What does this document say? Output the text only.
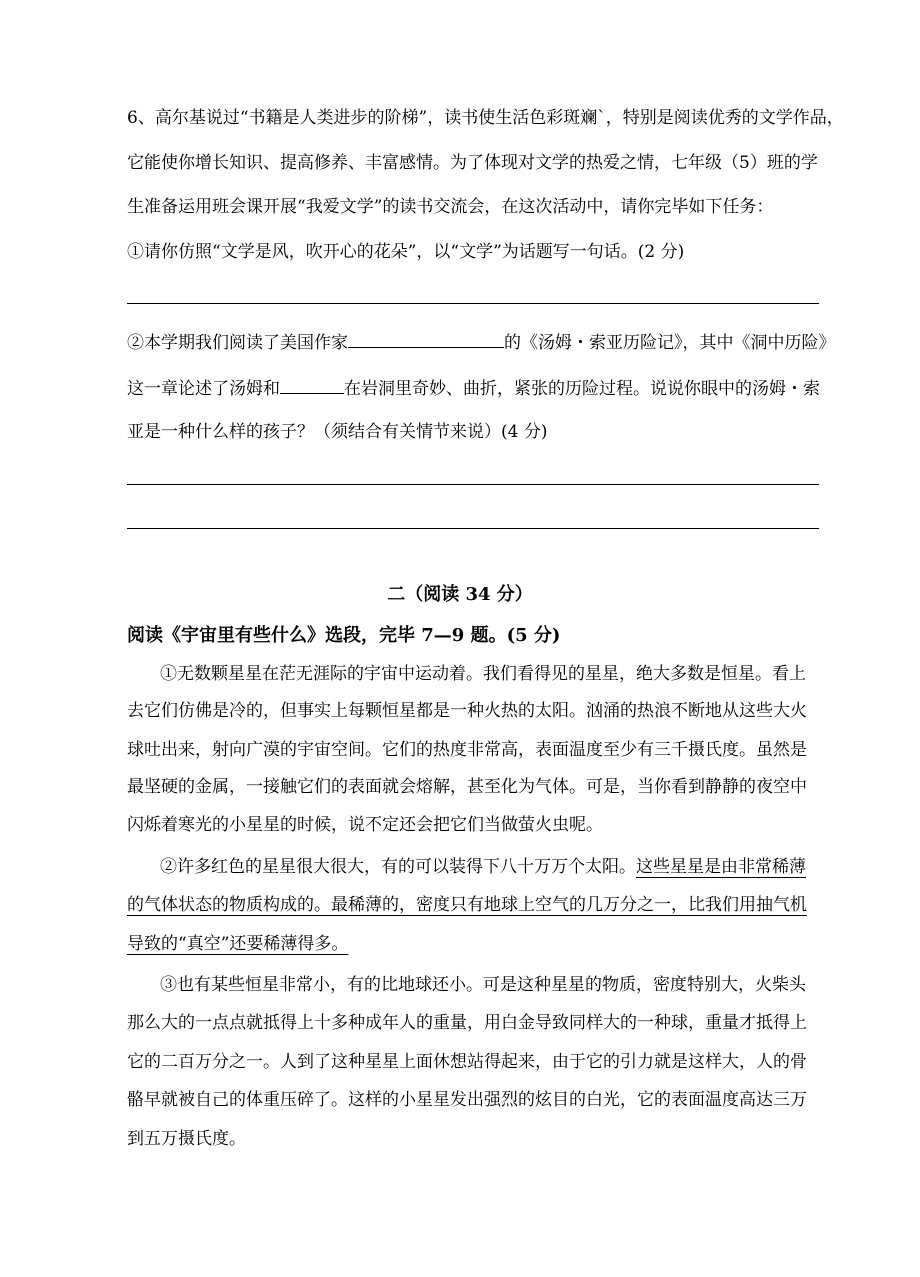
6、高尔基说过“书籍是人类进步的阶梯”，读书使生活色彩斑斓`，特别是阅读优秀的文学作品，
它能使你增长知识、提高修养、丰富感情。为了体现对文学的热爱之情，七年级（5）班的学
生准备运用班会课开展“我爱文学”的读书交流会，在这次活动中，请你完毕如下任务：
①请你仿照“文学是风，吹开心的花朵”，以“文学”为话题写一句话。(2 分)
②本学期我们阅读了美国作家	的《汤姆・索亚历险记》，其中《洞中历险》
这一章论述了汤姆和	在岩洞里奇妙、曲折，紧张的历险过程。说说你眼中的汤姆・索
亚是一种什么样的孩子？（须结合有关情节来说）(4 分)
二（阅读 34 分）
阅读《宇宙里有些什么》选段，完毕 7—9 题。(5 分)
①无数颗星星在茫无涯际的宇宙中运动着。我们看得见的星星，绝大多数是恒星。看上
去它们仿佛是冷的，但事实上每颗恒星都是一种火热的太阳。汹涌的热浪不断地从这些大火
球吐出来，射向广漠的宇宙空间。它们的热度非常高，表面温度至少有三千摄氏度。虽然是
最坚硬的金属，一接触它们的表面就会熔解，甚至化为气体。可是，当你看到静静的夜空中
闪烁着寒光的小星星的时候，说不定还会把它们当做萤火虫呢。
②许多红色的星星很大很大，有的可以装得下八十万万个太阳。这些星星是由非常稀薄
的气体状态的物质构成的。最稀薄的，密度只有地球上空气的几万分之一，比我们用抽气机
导致的“真空”还要稀薄得多。
③也有某些恒星非常小，有的比地球还小。可是这种星星的物质，密度特别大，火柴头
那么大的一点点就抵得上十多种成年人的重量，用白金导致同样大的一种球，重量才抵得上
它的二百万分之一。人到了这种星星上面休想站得起来，由于它的引力就是这样大，人的骨
骼早就被自己的体重压碎了。这样的小星星发出强烈的炫目的白光，它的表面温度高达三万
到五万摄氏度。
